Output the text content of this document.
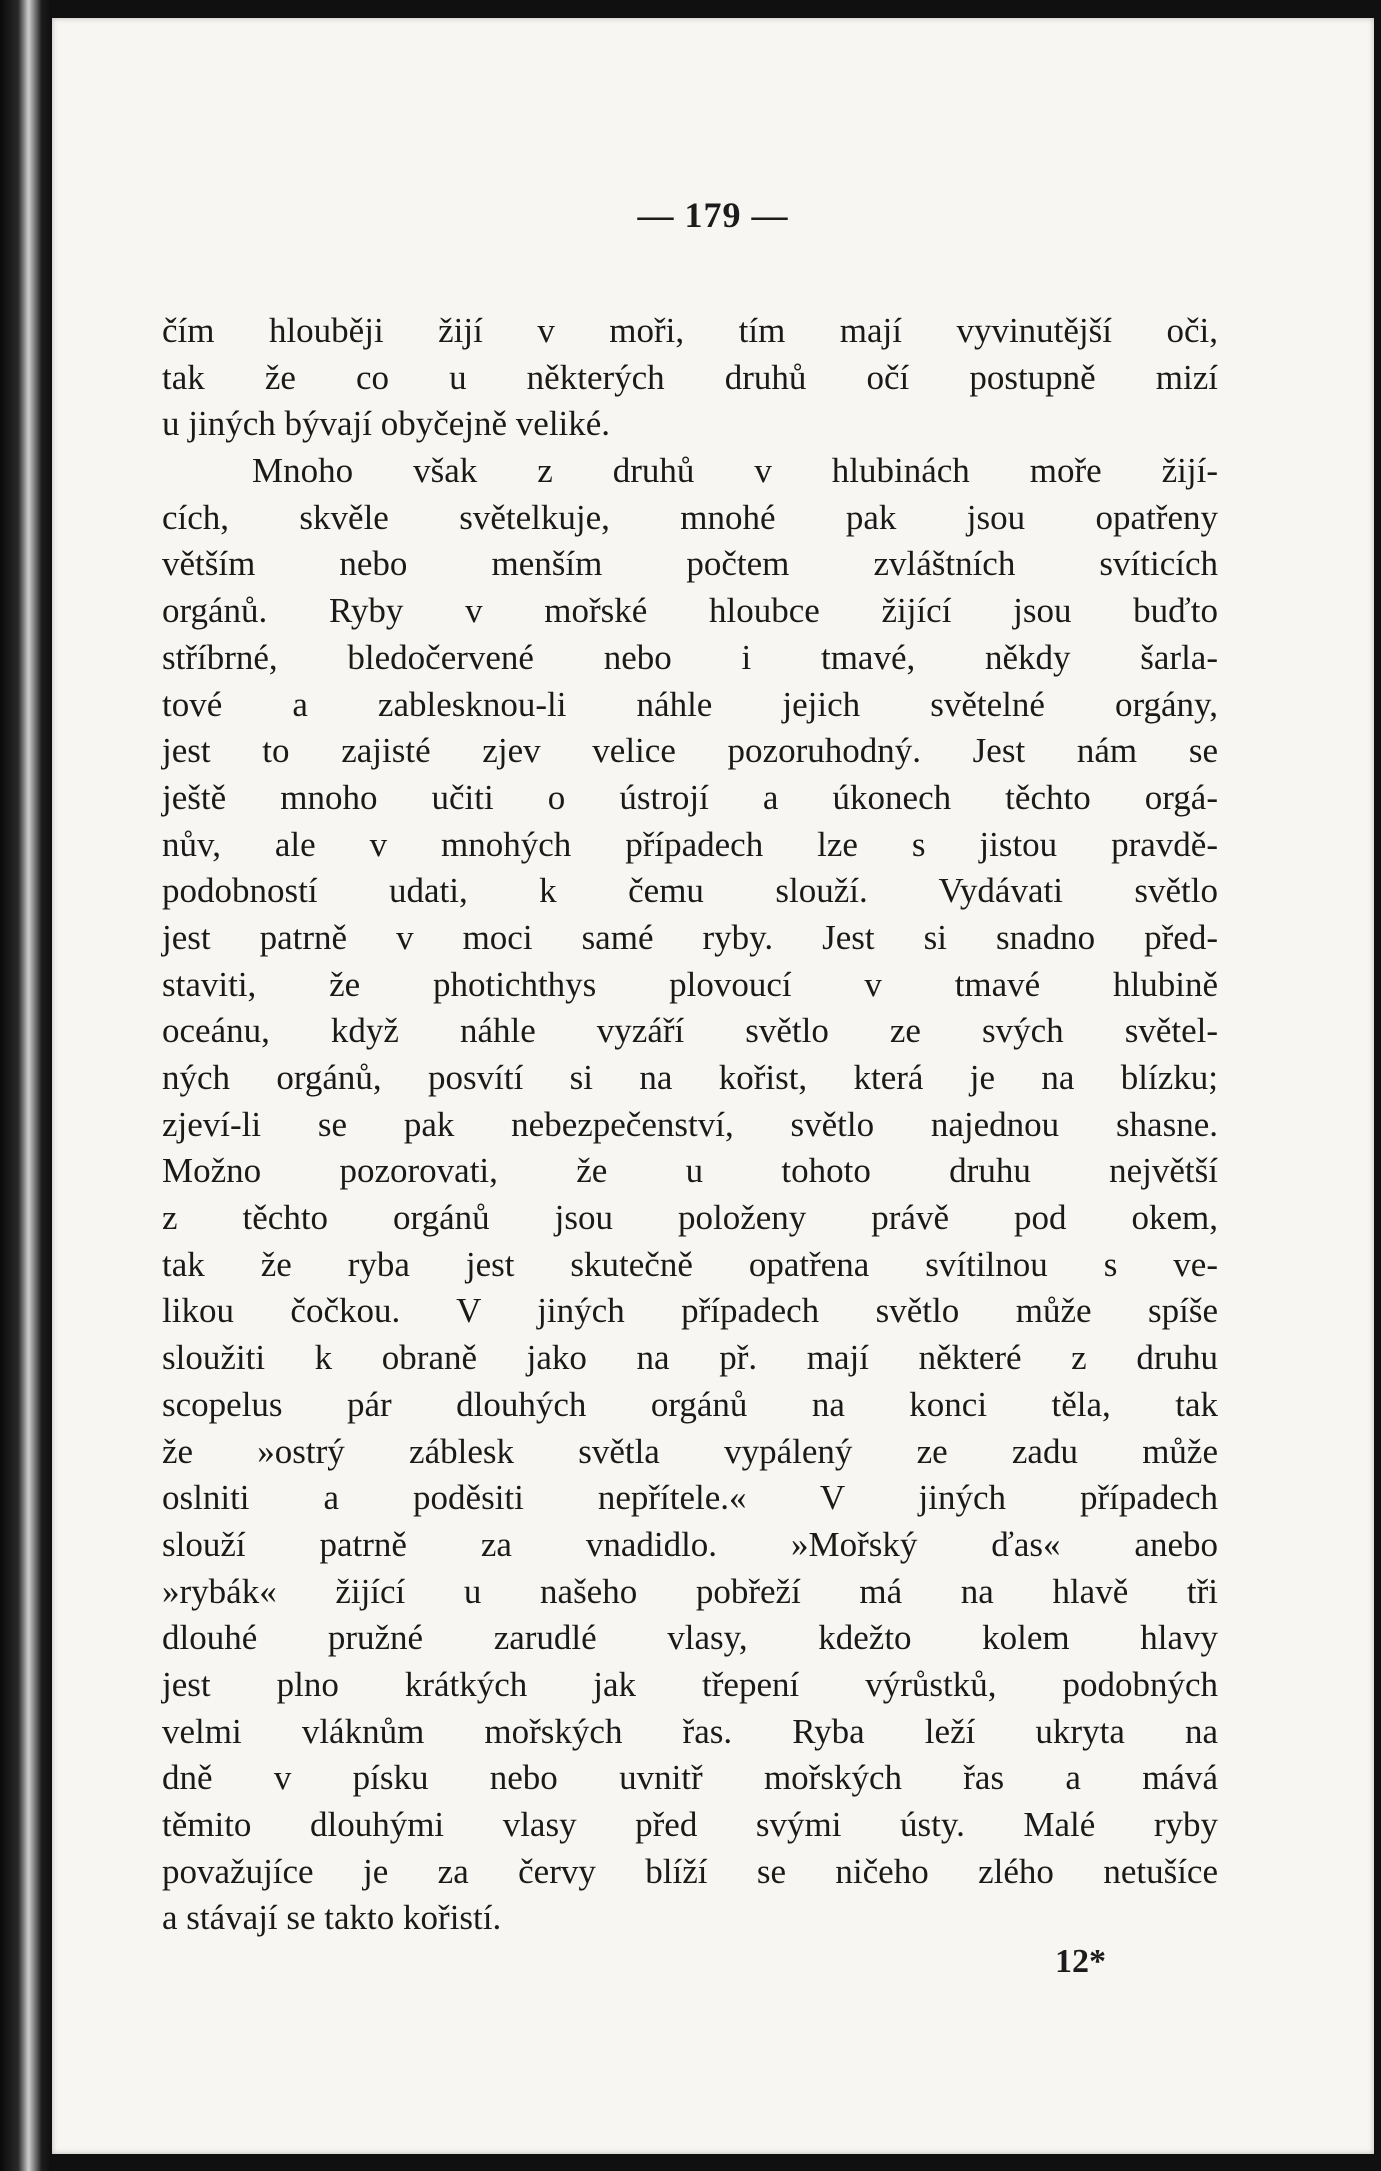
— 179 —
čím hlouběji žijí v moři, tím mají vyvinutější oči,
tak že co u některých druhů očí postupně mizí
u jiných bývají obyčejně veliké.
Mnoho však z druhů v hlubinách moře žijí-
cích, skvěle světelkuje, mnohé pak jsou opatřeny
větším nebo menším počtem zvláštních svíticích
orgánů. Ryby v mořské hloubce žijící jsou buďto
stříbrné, bledočervené nebo i tmavé, někdy šarla-
tové a zablesknou-li náhle jejich světelné orgány,
jest to zajisté zjev velice pozoruhodný. Jest nám se
ještě mnoho učiti o ústrojí a úkonech těchto orgá-
nův, ale v mnohých případech lze s jistou pravdě-
podobností udati, k čemu slouží. Vydávati světlo
jest patrně v moci samé ryby. Jest si snadno před-
staviti, že photichthys plovoucí v tmavé hlubině
oceánu, když náhle vyzáří světlo ze svých světel-
ných orgánů, posvítí si na kořist, která je na blízku;
zjeví-li se pak nebezpečenství, světlo najednou shasne.
Možno pozorovati, že u tohoto druhu největší
z těchto orgánů jsou položeny právě pod okem,
tak že ryba jest skutečně opatřena svítilnou s ve-
likou čočkou. V jiných případech světlo může spíše
sloužiti k obraně jako na př. mají některé z druhu
scopelus pár dlouhých orgánů na konci těla, tak
že »ostrý záblesk světla vypálený ze zadu může
oslniti a poděsiti nepřítele.« V jiných případech
slouží patrně za vnadidlo. »Mořský ďas« anebo
»rybák« žijící u našeho pobřeží má na hlavě tři
dlouhé pružné zarudlé vlasy, kdežto kolem hlavy
jest plno krátkých jak třepení výrůstků, podobných
velmi vláknům mořských řas. Ryba leží ukryta na
dně v písku nebo uvnitř mořských řas a mává
těmito dlouhými vlasy před svými ústy. Malé ryby
považujíce je za červy blíží se ničeho zlého netušíce
a stávají se takto kořistí.
12*
